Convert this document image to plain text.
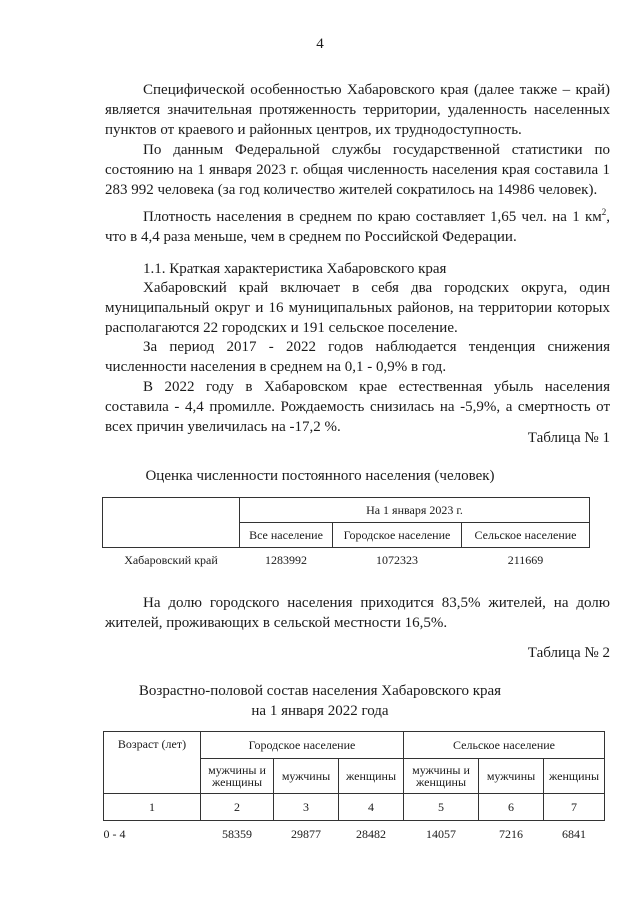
4
Специфической особенностью Хабаровского края (далее также – край) является значительная протяженность территории, удаленность населенных пунктов от краевого и районных центров, их труднодоступность.
По данным Федеральной службы государственной статистики по состоянию на 1 января 2023 г. общая численность населения края составила 1 283 992 человека (за год количество жителей сократилось на 14986 человек).
Плотность населения в среднем по краю составляет 1,65 чел. на 1 $км^2$, что в 4,4 раза меньше, чем в среднем по Российской Федерации.
1.1. Краткая характеристика Хабаровского края
Хабаровский край включает в себя два городских округа, один муниципальный округ и 16 муниципальных районов, на территории которых располагаются 22 городских и 191 сельское поселение.
За период 2017 - 2022 годов наблюдается тенденция снижения численности населения в среднем на 0,1 - 0,9% в год.
В 2022 году в Хабаровском крае естественная убыль населения составила - 4,4 промилле. Рождаемость снизилась на -5,9%, а смертность от всех причин увеличилась на -17,2 %.
Таблица № 1
Оценка численности постоянного населения (человек)
	На 1 января 2023 г.		
	Все население	Городское население	Сельское население
Хабаровский край	1283992	1072323	211669
На долю городского населения приходится 83,5% жителей, на долю жителей, проживающих в сельской местности 16,5%.
Таблица № 2
Возрастно-половой состав населения Хабаровского края
на 1 января 2022 года
Возраст (лет)	Городское население			Сельское население		
	мужчины и женщины	мужчины	женщины	мужчины и женщины	мужчины	женщины
1	2	3	4	5	6	7
0 - 4	58359	29877	28482	14057	7216	6841
